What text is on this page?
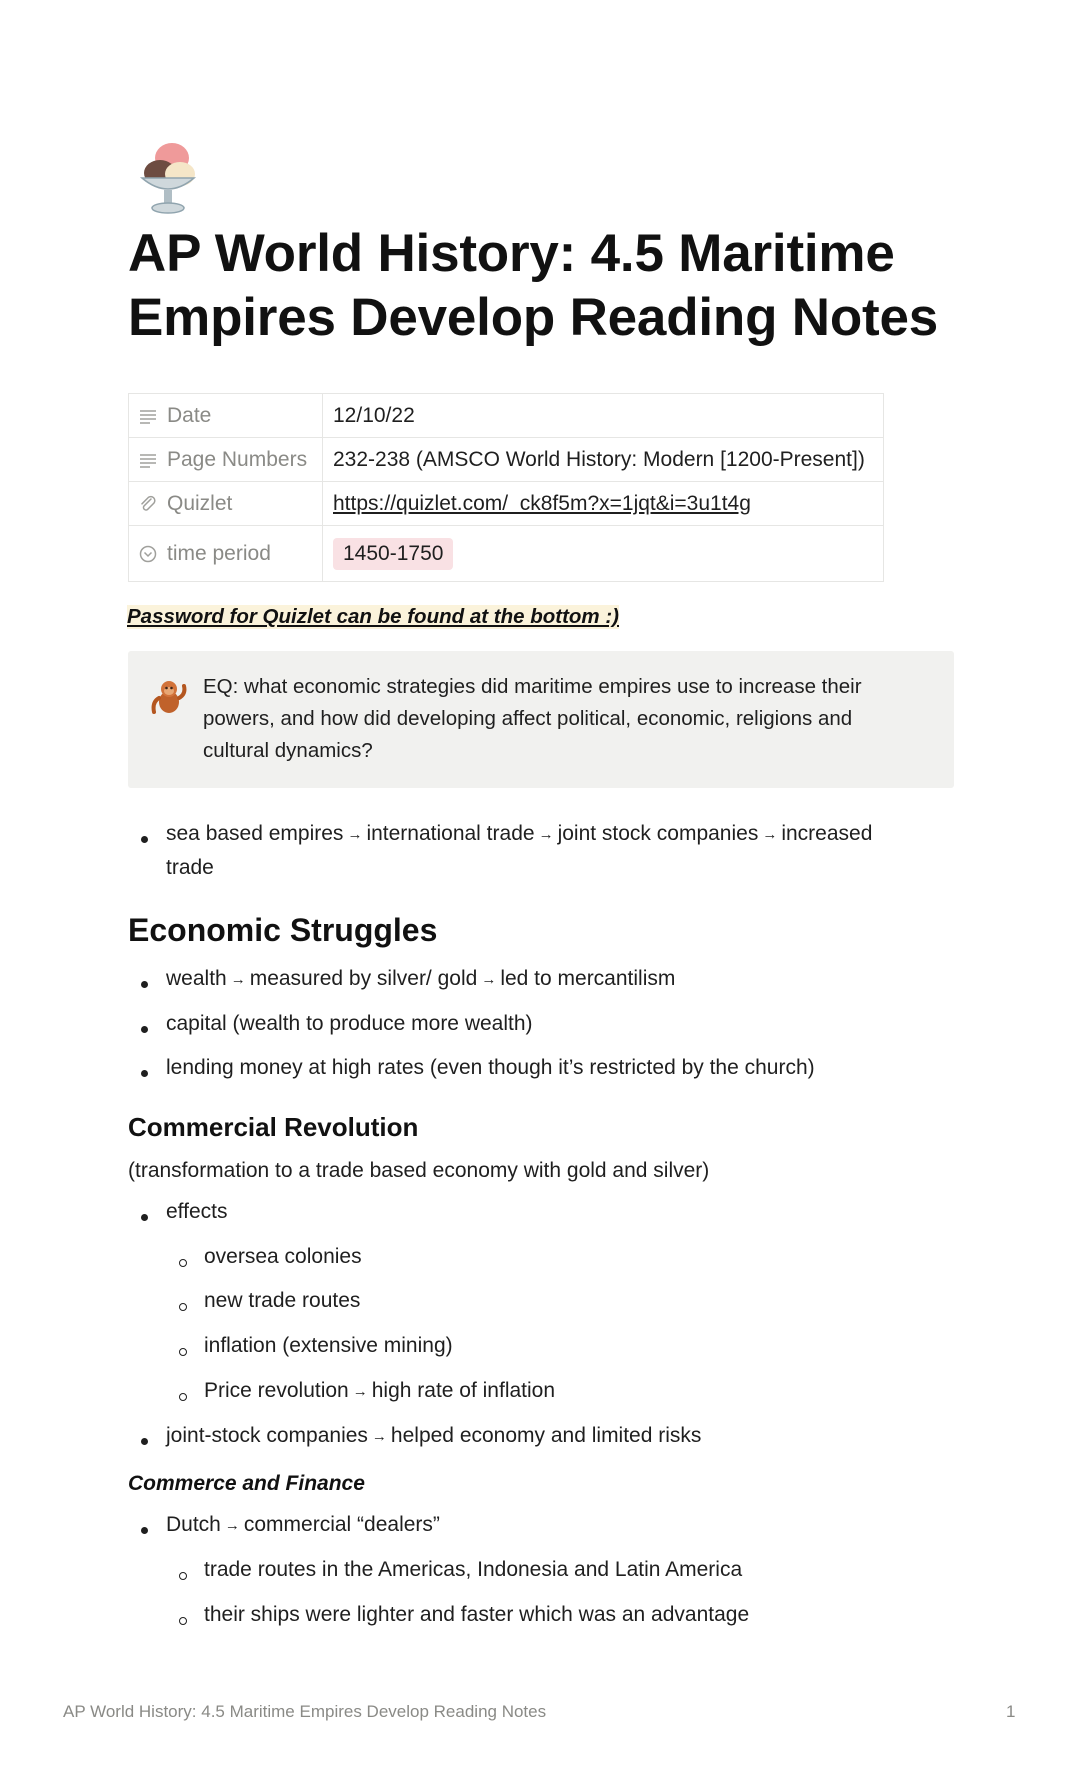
AP World History: 4.5 Maritime Empires Develop Reading Notes
Date	12/10/22

Page Numbers	232-238 (AMSCO World History: Modern [1200-Present])

Quizlet	https://quizlet.com/_ck8f5m?x=1jqt&i=3u1t4g

time period	1450-1750

Password for Quizlet can be found at the bottom :)

EQ: what economic strategies did maritime empires use to increase their powers, and how did developing affect political, economic, religions and cultural dynamics?

sea based empires → international trade → joint stock companies → increased trade
Economic Struggles
wealth → measured by silver/ gold → led to mercantilism
capital (wealth to produce more wealth)
lending money at high rates (even though it’s restricted by the church)
Commercial Revolution

(transformation to a trade based economy with gold and silver)

effects
oversea colonies
new trade routes
inflation (extensive mining)
Price revolution → high rate of inflation
joint-stock companies → helped economy and limited risks

Commerce and Finance

Dutch → commercial “dealers”
trade routes in the Americas, Indonesia and Latin America
their ships were lighter and faster which was an advantage

AP World History: 4.5 Maritime Empires Develop Reading Notes	1
